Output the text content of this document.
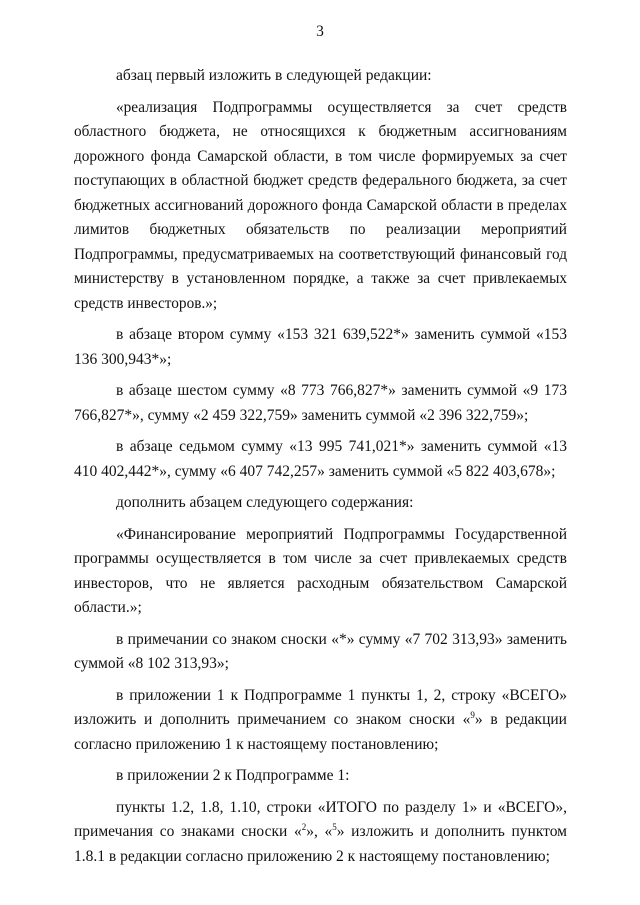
3

абзац первый изложить в следующей редакции:

«реализация Подпрограммы осуществляется за счет средств областного бюджета, не относящихся к бюджетным ассигнованиям дорожного фонда Самарской области, в том числе формируемых за счет поступающих в областной бюджет средств федерального бюджета, за счет бюджетных ассигнований дорожного фонда Самарской области в пределах лимитов бюджетных обязательств по реализации мероприятий Подпрограммы, предусматриваемых на соответствующий финансовый год министерству в установленном порядке, а также за счет привлекаемых средств инвесторов.»;

в абзаце втором сумму «153 321 639,522*» заменить суммой «153 136 300,943*»;

в абзаце шестом сумму «8 773 766,827*» заменить суммой «9 173 766,827*», сумму «2 459 322,759» заменить суммой «2 396 322,759»;

в абзаце седьмом сумму «13 995 741,021*» заменить суммой «13 410 402,442*», сумму «6 407 742,257» заменить суммой «5 822 403,678»;

дополнить абзацем следующего содержания:

«Финансирование мероприятий Подпрограммы Государственной программы осуществляется в том числе за счет привлекаемых средств инвесторов, что не является расходным обязательством Самарской области.»;

в примечании со знаком сноски «*» сумму «7 702 313,93» заменить суммой «8 102 313,93»;

в приложении 1 к Подпрограмме 1 пункты 1, 2, строку «ВСЕГО» изложить и дополнить примечанием со знаком сноски «$^9$» в редакции согласно приложению 1 к настоящему постановлению;

в приложении 2 к Подпрограмме 1:

пункты 1.2, 1.8, 1.10, строки «ИТОГО по разделу 1» и «ВСЕГО», примечания со знаками сноски «$^2$», «$^5$» изложить и дополнить пунктом 1.8.1 в редакции согласно приложению 2 к настоящему постановлению;
